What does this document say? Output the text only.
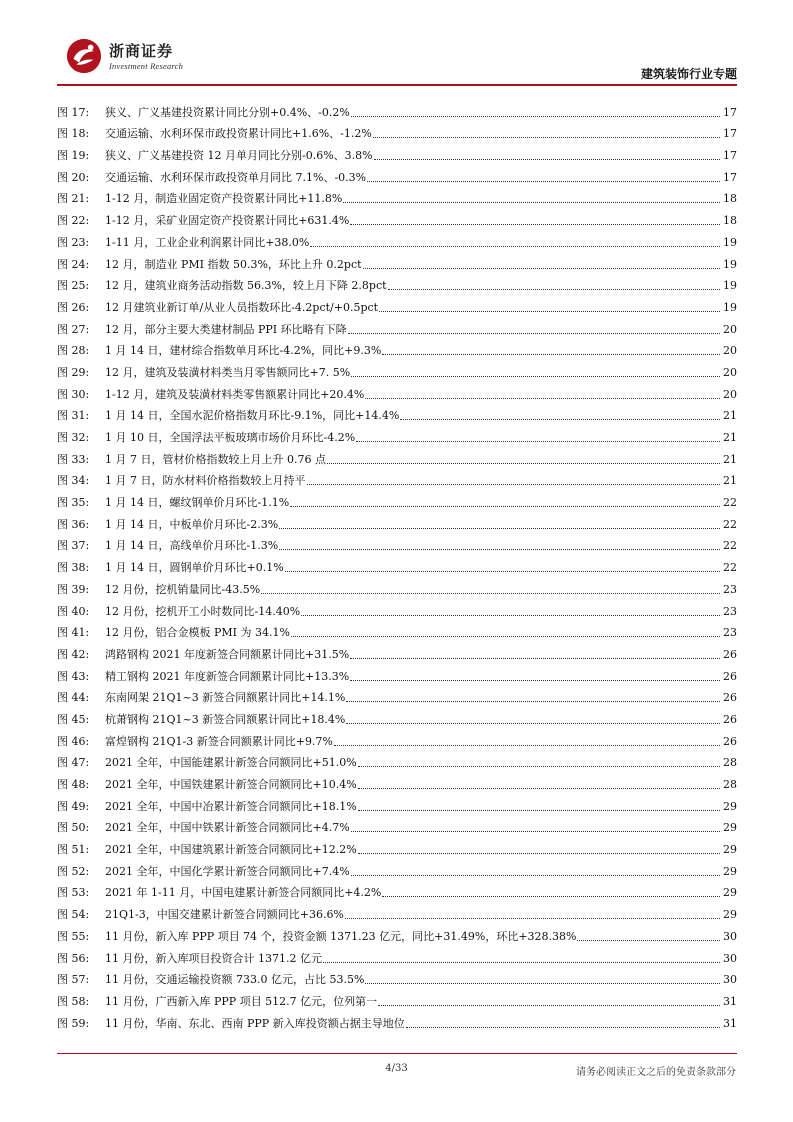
浙商证券
Investment Research
建筑装饰行业专题
图 17:	狭义、广义基建投资累计同比分别+0.4%、-0.2%	17
图 18:	交通运输、水利环保市政投资累计同比+1.6%、-1.2%	17
图 19:	狭义、广义基建投资 12 月单月同比分别-0.6%、3.8%	17
图 20:	交通运输、水利环保市政投资单月同比 7.1%、-0.3%	17
图 21:	1-12 月，制造业固定资产投资累计同比+11.8%	18
图 22:	1-12 月，采矿业固定资产投资累计同比+631.4%	18
图 23:	1-11 月，工业企业利润累计同比+38.0%	19
图 24:	12 月，制造业 PMI 指数 50.3%，环比上升 0.2pct	19
图 25:	12 月，建筑业商务活动指数 56.3%，较上月下降 2.8pct	19
图 26:	12 月建筑业新订单/从业人员指数环比-4.2pct/+0.5pct	19
图 27:	12 月，部分主要大类建材制品 PPI 环比略有下降	20
图 28:	1 月 14 日，建材综合指数单月环比-4.2%，同比+9.3%	20
图 29:	12 月，建筑及装潢材料类当月零售额同比+7. 5%	20
图 30:	1-12 月，建筑及装潢材料类零售额累计同比+20.4%	20
图 31:	1 月 14 日，全国水泥价格指数月环比-9.1%，同比+14.4%	21
图 32:	1 月 10 日，全国浮法平板玻璃市场价月环比-4.2%	21
图 33:	1 月 7 日，管材价格指数较上月上升 0.76 点	21
图 34:	1 月 7 日，防水材料价格指数较上月持平	21
图 35:	1 月 14 日，螺纹钢单价月环比-1.1%	22
图 36:	1 月 14 日，中板单价月环比-2.3%	22
图 37:	1 月 14 日，高线单价月环比-1.3%	22
图 38:	1 月 14 日，圆钢单价月环比+0.1%	22
图 39:	12 月份，挖机销量同比-43.5%	23
图 40:	12 月份，挖机开工小时数同比-14.40%	23
图 41:	12 月份，铝合金模板 PMI 为 34.1%	23
图 42:	鸿路钢构 2021 年度新签合同额累计同比+31.5%	26
图 43:	精工钢构 2021 年度新签合同额累计同比+13.3%	26
图 44:	东南网架 21Q1~3 新签合同额累计同比+14.1%	26
图 45:	杭萧钢构 21Q1~3 新签合同额累计同比+18.4%	26
图 46:	富煌钢构 21Q1-3 新签合同额累计同比+9.7%	26
图 47:	2021 全年，中国能建累计新签合同额同比+51.0%	28
图 48:	2021 全年，中国铁建累计新签合同额同比+10.4%	28
图 49:	2021 全年，中国中冶累计新签合同额同比+18.1%	29
图 50:	2021 全年，中国中铁累计新签合同额同比+4.7%	29
图 51:	2021 全年，中国建筑累计新签合同额同比+12.2%	29
图 52:	2021 全年，中国化学累计新签合同额同比+7.4%	29
图 53:	2021 年 1-11 月，中国电建累计新签合同额同比+4.2%	29
图 54:	21Q1-3，中国交建累计新签合同额同比+36.6%	29
图 55:	11 月份，新入库 PPP 项目 74 个，投资金额 1371.23 亿元，同比+31.49%，环比+328.38%	30
图 56:	11 月份，新入库项目投资合计 1371.2 亿元	30
图 57:	11 月份，交通运输投资额 733.0 亿元，占比 53.5%	30
图 58:	11 月份，广西新入库 PPP 项目 512.7 亿元，位列第一	31
图 59:	11 月份，华南、东北、西南 PPP 新入库投资额占据主导地位	31
4/33	请务必阅读正文之后的免责条款部分
